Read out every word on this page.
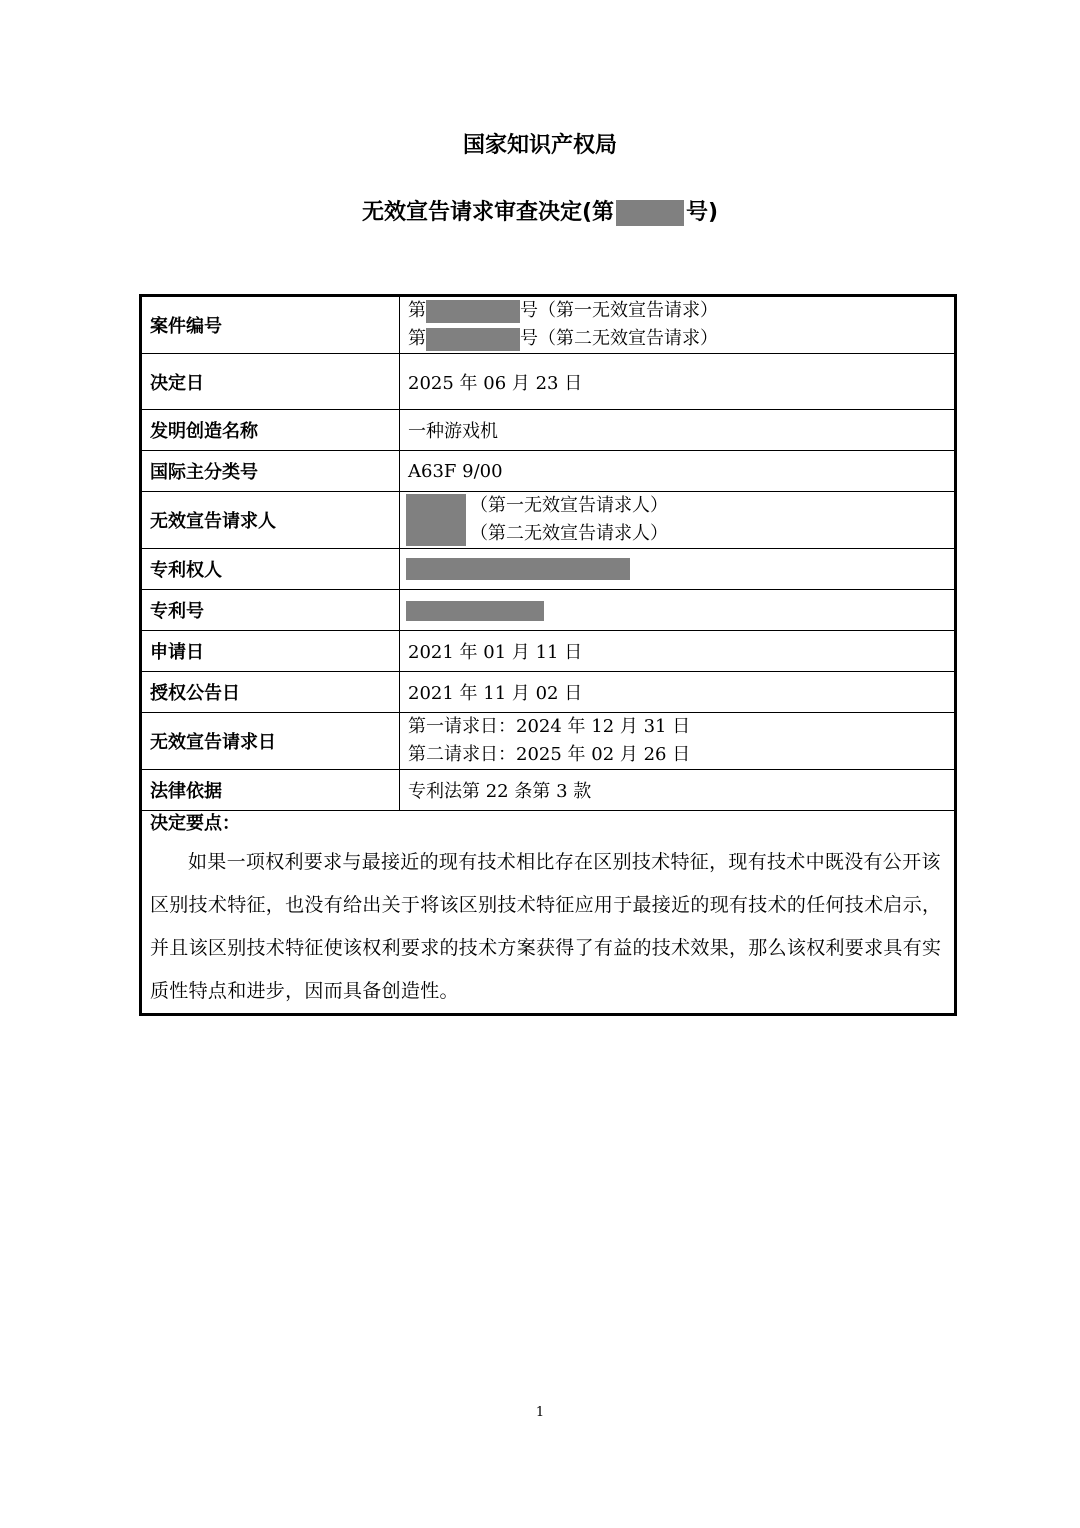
国家知识产权局
无效宣告请求审查决定(第	号)
案件编号	第 号（第一无效宣告请求）
第 号（第二无效宣告请求）

决定日	2025 年 06 月 23 日
发明创造名称	一种游戏机
国际主分类号	A63F 9/00
无效宣告请求人	（第一无效宣告请求人）
（第二无效宣告请求人）

专利权人	
专利号	
申请日	2021 年 01 月 11 日
授权公告日	2021 年 11 月 02 日
无效宣告请求日	第一请求日：2024 年 12 月 31 日
第二请求日：2025 年 02 月 26 日

法律依据	专利法第 22 条第 3 款

决定要点：
如果一项权利要求与最接近的现有技术相比存在区别技术特征，现有技术中既没有公开该区别技术特征，也没有给出关于将该区别技术特征应用于最接近的现有技术的任何技术启示，并且该区别技术特征使该权利要求的技术方案获得了有益的技术效果，那么该权利要求具有实质性特点和进步，因而具备创造性。	
1
